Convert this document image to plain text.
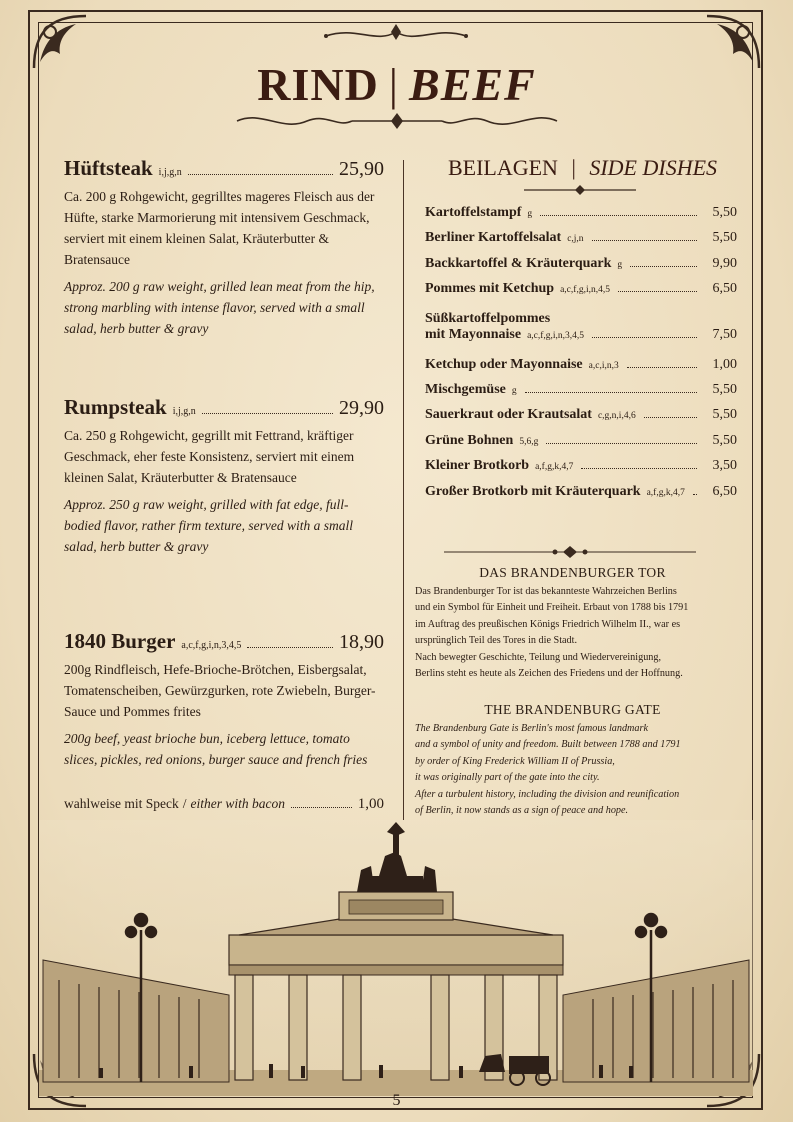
RIND | BEEF
Hüftsteak i,j,g,n	25,90
Ca. 200 g Rohgewicht, gegrilltes mageres Fleisch aus der Hüfte, starke Marmorierung mit intensivem Geschmack, serviert mit einem kleinen Salat, Kräuterbutter & Bratensauce
Approz. 200 g raw weight, grilled lean meat from the hip, strong marbling with intense flavor, served with a small salad, herb butter & gravy
Rumpsteak i,j,g,n	29,90
Ca. 250 g Rohgewicht, gegrillt mit Fettrand, kräftiger Geschmack, eher feste Konsistenz, serviert mit einem kleinen Salat, Kräuterbutter & Bratensauce
Approz. 250 g raw weight, grilled with fat edge, full-bodied flavor, rather firm texture, served with a small salad, herb butter & gravy
1840 Burger a,c,f,g,i,n,3,4,5	18,90
200g Rindfleisch, Hefe-Brioche-Brötchen, Eisbergsalat, Tomatenscheiben, Gewürzgurken, rote Zwiebeln, Burger-Sauce und Pommes frites
200g beef, yeast brioche bun, iceberg lettuce, tomato slices, pickles, red onions, burger sauce and french fries
wahlweise mit Speck / either with bacon	1,00
BEILAGEN | SIDE DISHES
Kartoffelstampf g	5,50
Berliner Kartoffelsalat c,j,n	5,50
Backkartoffel & Kräuterquark g	9,90
Pommes mit Ketchup a,c,f,g,i,n,4,5	6,50
Süßkartoffelpommes
mit Mayonnaise a,c,f,g,i,n,3,4,5	7,50
Ketchup oder Mayonnaise a,c,i,n,3	1,00
Mischgemüse g	5,50
Sauerkraut oder Krautsalat c,g,n,i,4,6	5,50
Grüne Bohnen 5,6,g	5,50
Kleiner Brotkorb a,f,g,k,4,7	3,50
Großer Brotkorb mit Kräuterquark a,f,g,k,4,7	6,50
DAS BRANDENBURGER TOR

Das Brandenburger Tor ist das bekannteste Wahrzeichen Berlins

und ein Symbol für Einheit und Freiheit. Erbaut von 1788 bis 1791

im Auftrag des preußischen Königs Friedrich Wilhelm II., war es

ursprünglich Teil des Tores in die Stadt.

Nach bewegter Geschichte, Teilung und Wiedervereinigung,

Berlins steht es heute als Zeichen des Friedens und der Hoffnung.

THE BRANDENBURG GATE

The Brandenburg Gate is Berlin's most famous landmark

and a symbol of unity and freedom. Built between 1788 and 1791

by order of King Frederick William II of Prussia,

it was originally part of the gate into the city.

After a turbulent history, including the division and reunification

of Berlin, it now stands as a sign of peace and hope.

5
